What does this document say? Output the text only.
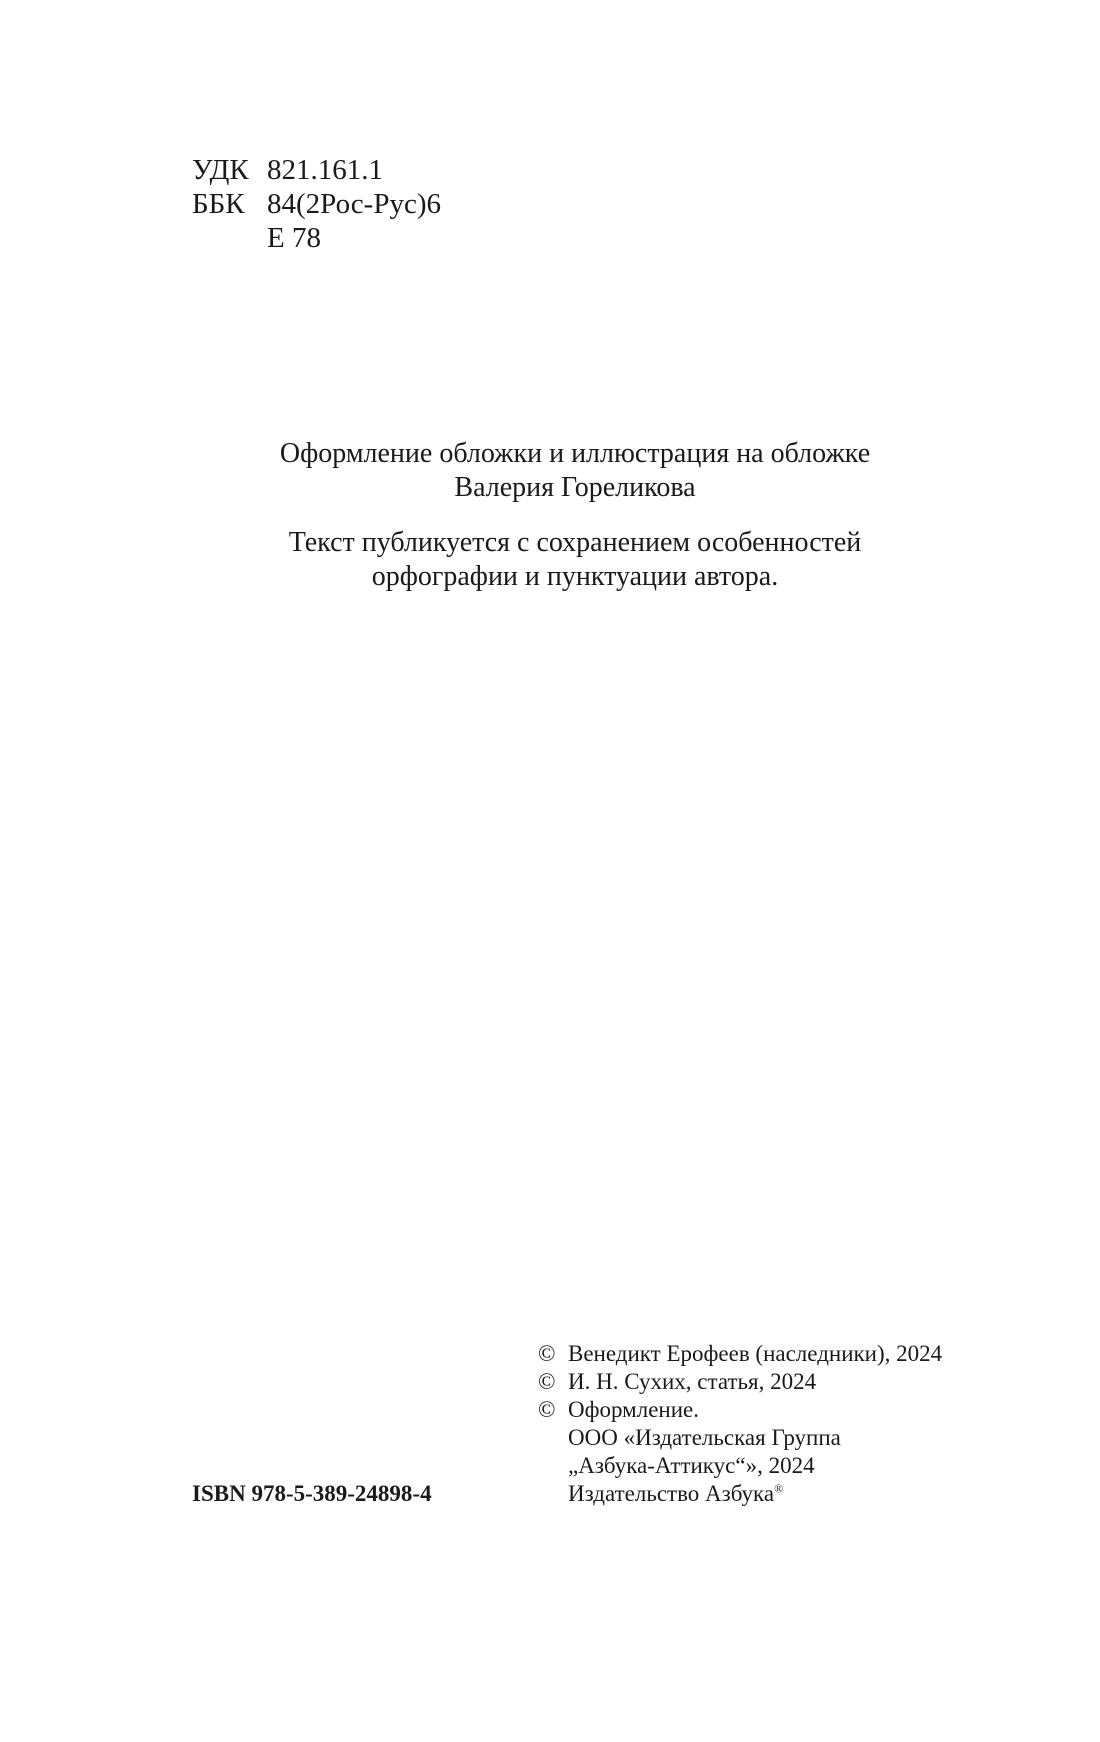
УДК 821.161.1
ББК 84(2Рос-Рус)6
Е 78

Оформление обложки и иллюстрация на обложке

Валерия Гореликова

Текст публикуется с сохранением особенностей

орфографии и пунктуации автора.

© Венедикт Ерофеев (наследники), 2024
© И. Н. Сухих, статья, 2024
© Оформление.
ООО «Издательская Группа
„Азбука-Аттикус“», 2024
Издательство Азбука®
ISBN 978-5-389-24898-4
